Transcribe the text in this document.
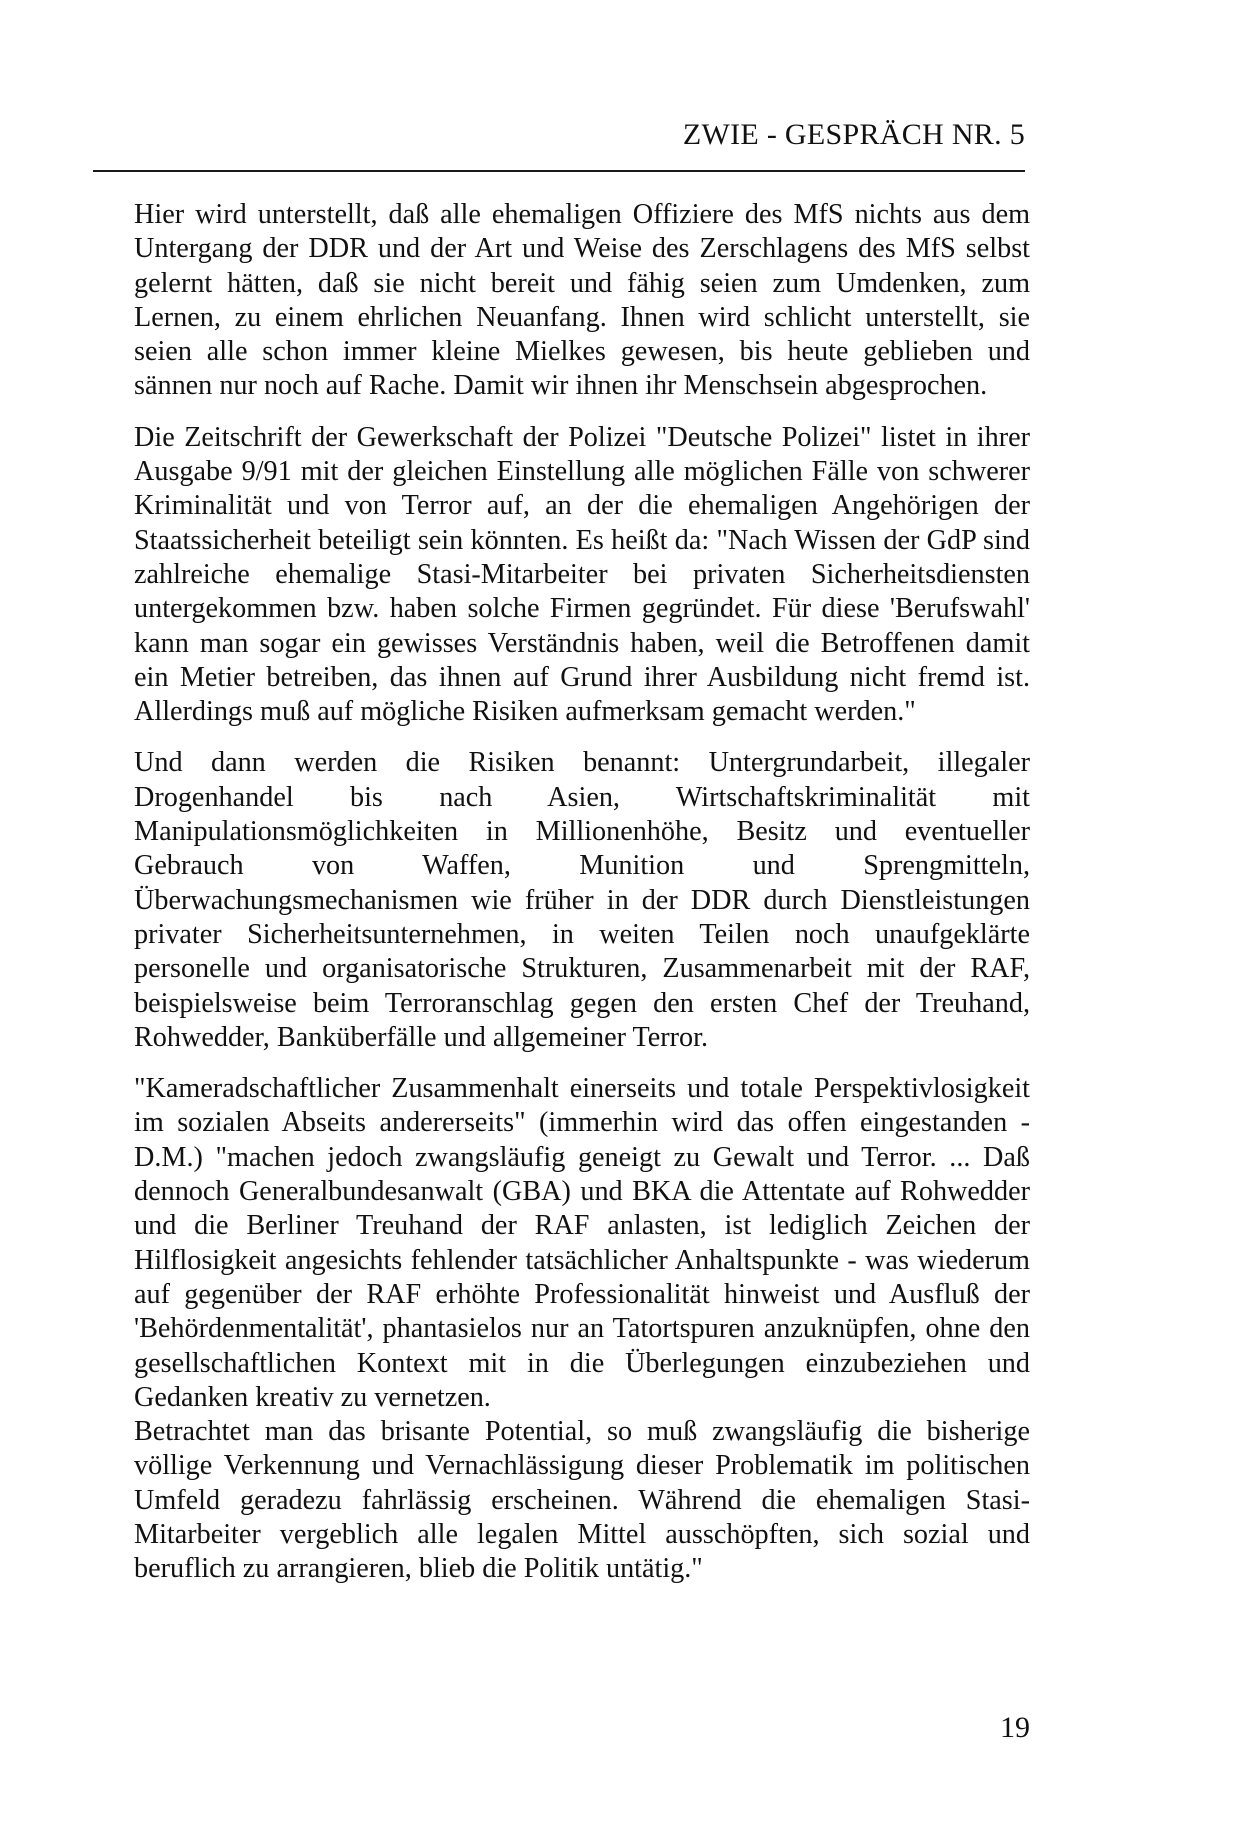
ZWIE - GESPRÄCH NR. 5

Hier wird unterstellt, daß alle ehemaligen Offiziere des MfS nichts aus dem Untergang der DDR und der Art und Weise des Zerschlagens des MfS selbst gelernt hätten, daß sie nicht bereit und fähig seien zum Umdenken, zum Lernen, zu einem ehrlichen Neuanfang. Ihnen wird schlicht unterstellt, sie seien alle schon immer kleine Mielkes gewesen, bis heute geblieben und sännen nur noch auf Rache. Damit wir ihnen ihr Menschsein abgesprochen.

Die Zeitschrift der Gewerkschaft der Polizei "Deutsche Polizei" listet in ihrer Ausgabe 9/91 mit der gleichen Einstellung alle möglichen Fälle von schwerer Kriminalität und von Terror auf, an der die ehemaligen Angehörigen der Staatssicherheit beteiligt sein könnten. Es heißt da: "Nach Wissen der GdP sind zahlreiche ehemalige Stasi-Mitarbeiter bei privaten Sicherheitsdiensten untergekommen bzw. haben solche Firmen gegründet. Für diese 'Berufswahl' kann man sogar ein gewisses Verständnis haben, weil die Betroffenen damit ein Metier betreiben, das ihnen auf Grund ihrer Ausbildung nicht fremd ist. Allerdings muß auf mögliche Risiken aufmerksam gemacht werden."

Und dann werden die Risiken benannt: Untergrundarbeit, illegaler Drogenhandel bis nach Asien, Wirtschaftskriminalität mit Manipulationsmöglichkeiten in Millionenhöhe, Besitz und eventueller Gebrauch von Waffen, Munition und Sprengmitteln, Überwachungsmechanismen wie früher in der DDR durch Dienstleistungen privater Sicherheitsunternehmen, in weiten Teilen noch unaufgeklärte personelle und organisatorische Strukturen, Zusammenarbeit mit der RAF, beispielsweise beim Terroranschlag gegen den ersten Chef der Treuhand, Rohwedder, Banküberfälle und allgemeiner Terror.

"Kameradschaftlicher Zusammenhalt einerseits und totale Perspektivlosigkeit im sozialen Abseits andererseits" (immerhin wird das offen eingestanden - D.M.) "machen jedoch zwangsläufig geneigt zu Gewalt und Terror. ... Daß dennoch Generalbundesanwalt (GBA) und BKA die Attentate auf Rohwedder und die Berliner Treuhand der RAF anlasten, ist lediglich Zeichen der Hilflosigkeit angesichts fehlender tatsächlicher Anhaltspunkte - was wiederum auf gegenüber der RAF erhöhte Professionalität hinweist und Ausfluß der 'Behördenmentalität', phantasielos nur an Tatortspuren anzuknüpfen, ohne den gesellschaftlichen Kontext mit in die Überlegungen einzubeziehen und Gedanken kreativ zu vernetzen.

Betrachtet man das brisante Potential, so muß zwangsläufig die bisherige völlige Verkennung und Vernachlässigung dieser Problematik im politischen Umfeld geradezu fahrlässig erscheinen. Während die ehemaligen Stasi-Mitarbeiter vergeblich alle legalen Mittel ausschöpften, sich sozial und beruflich zu arrangieren, blieb die Politik untätig."

19
